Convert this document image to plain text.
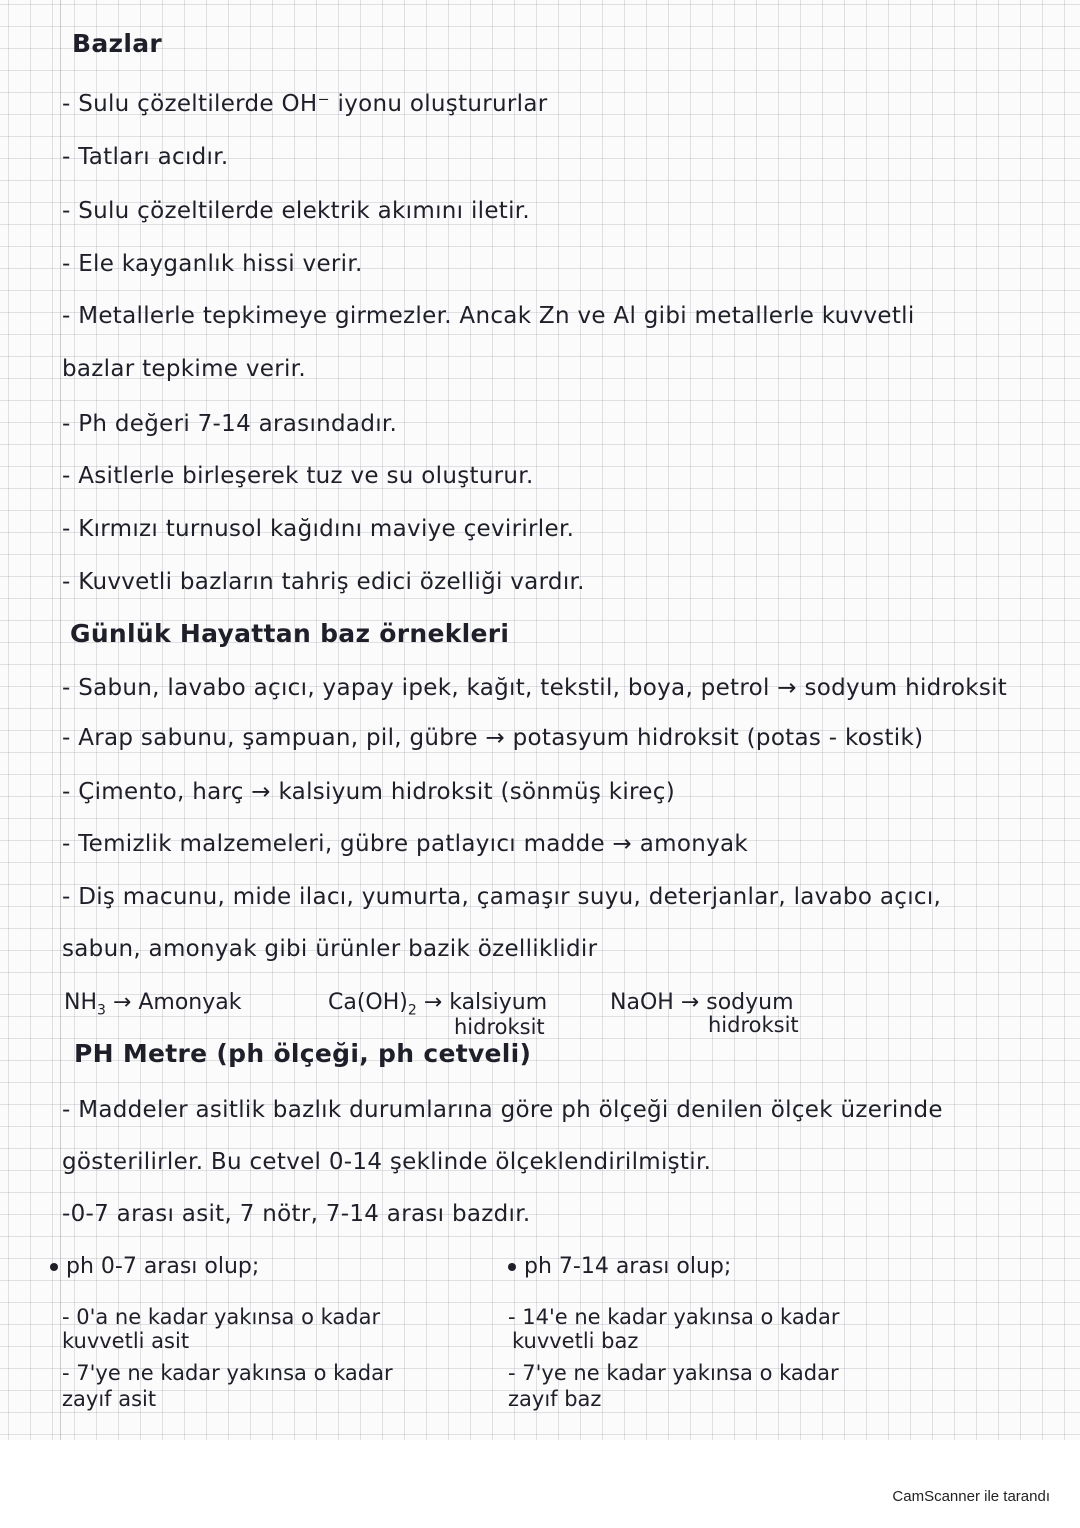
Bazlar
- Sulu çözeltilerde OH⁻ iyonu oluştururlar
- Tatları acıdır.
- Sulu çözeltilerde elektrik akımını iletir.
- Ele kayganlık hissi verir.
- Metallerle tepkimeye girmezler. Ancak Zn ve Al gibi metallerle kuvvetli
bazlar tepkime verir.
- Ph değeri 7-14 arasındadır.
- Asitlerle birleşerek tuz ve su oluşturur.
- Kırmızı turnusol kağıdını maviye çevirirler.
- Kuvvetli bazların tahriş edici özelliği vardır.
Günlük Hayattan baz örnekleri
- Sabun, lavabo açıcı, yapay ipek, kağıt, tekstil, boya, petrol → sodyum hidroksit
- Arap sabunu, şampuan, pil, gübre → potasyum hidroksit (potas - kostik)
- Çimento, harç → kalsiyum hidroksit (sönmüş kireç)
- Temizlik malzemeleri, gübre patlayıcı madde → amonyak
- Diş macunu, mide ilacı, yumurta, çamaşır suyu, deterjanlar, lavabo açıcı,
sabun, amonyak gibi ürünler bazik özelliklidir
$NH_3$ → Amonyak	$Ca(OH)_2$ → kalsiyum
hidroksit
NaOH → sodyum
hidroksit
PH Metre (ph ölçeği, ph cetveli)
- Maddeler asitlik bazlık durumlarına göre ph ölçeği denilen ölçek üzerinde
gösterilirler. Bu cetvel 0-14 şeklinde ölçeklendirilmiştir.
-0-7 arası asit, 7 nötr, 7-14 arası bazdır.
ph 0-7 arası olup;
- 0'a ne kadar yakınsa o kadar
kuvvetli asit
- 7'ye ne kadar yakınsa o kadar
zayıf asit
ph 7-14 arası olup;
- 14'e ne kadar yakınsa o kadar
kuvvetli baz
- 7'ye ne kadar yakınsa o kadar
zayıf baz
CamScanner ile tarandı
